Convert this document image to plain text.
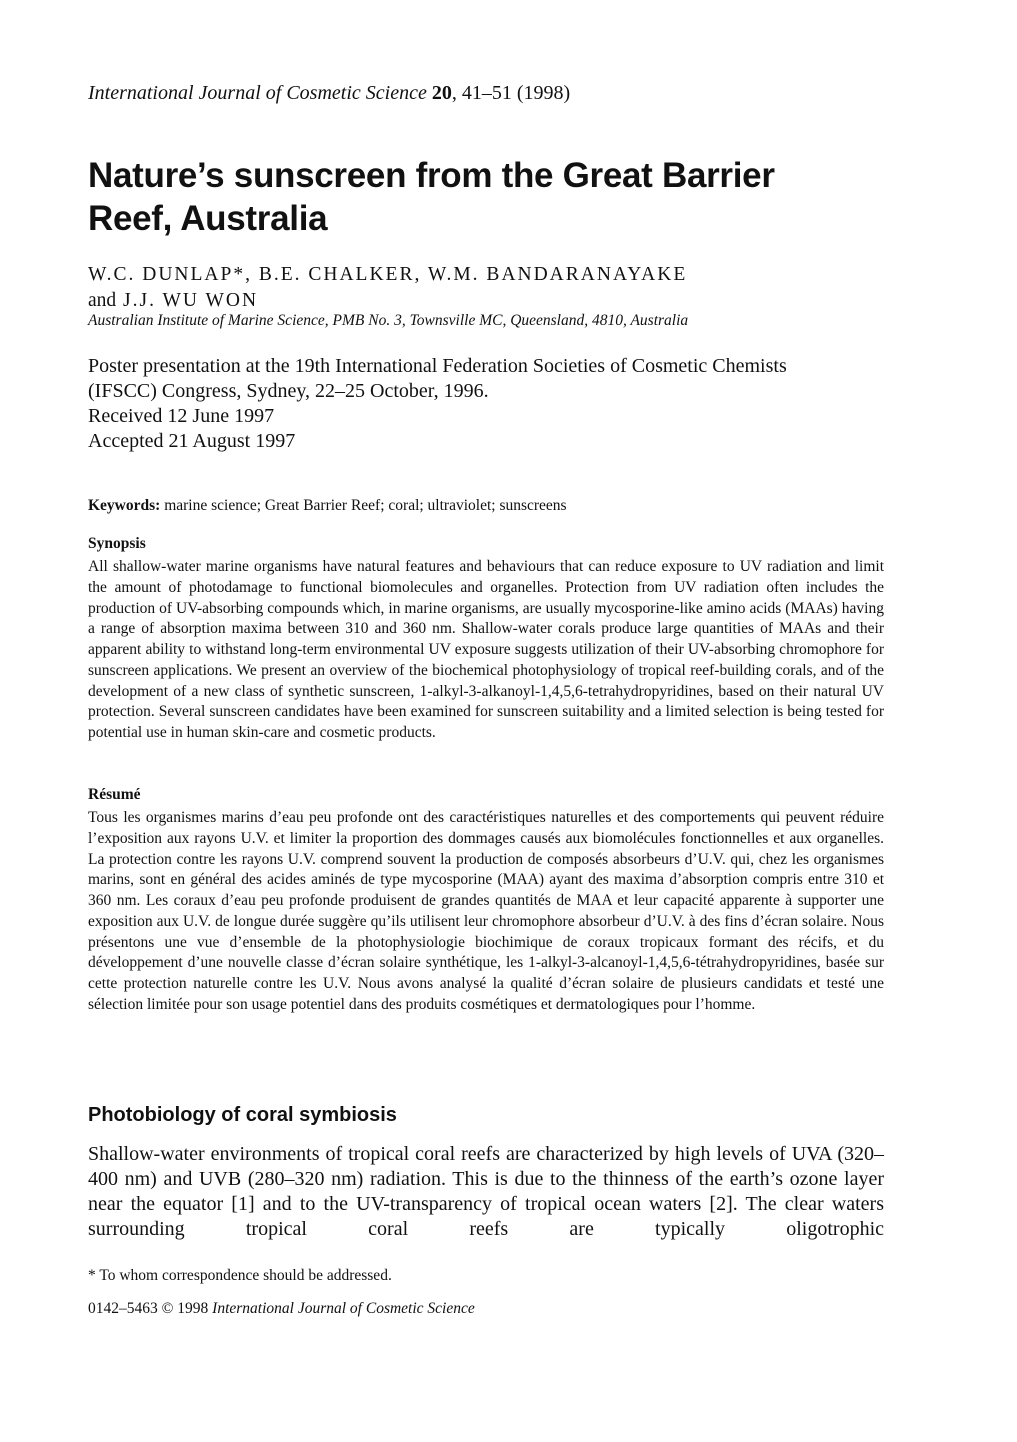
International Journal of Cosmetic Science 20, 41–51 (1998)
Nature’s sunscreen from the Great Barrier Reef, Australia
W.C. DUNLAP*, B.E. CHALKER, W.M. BANDARANAYAKE
and J.J. WU WON
Australian Institute of Marine Science, PMB No. 3, Townsville MC, Queensland, 4810, Australia
Poster presentation at the 19th International Federation Societies of Cosmetic Chemists
(IFSCC) Congress, Sydney, 22–25 October, 1996.
Received 12 June 1997
Accepted 21 August 1997
Keywords: marine science; Great Barrier Reef; coral; ultraviolet; sunscreens
Synopsis

All shallow-water marine organisms have natural features and behaviours that can reduce exposure to UV radiation and limit the amount of photodamage to functional biomolecules and organelles. Protection from UV radiation often includes the production of UV-absorbing compounds which, in marine organisms, are usually mycosporine-like amino acids (MAAs) having a range of absorption maxima between 310 and 360 nm. Shallow-water corals produce large quantities of MAAs and their apparent ability to withstand long-term environmental UV exposure suggests utilization of their UV-absorbing chromophore for sunscreen applications. We present an overview of the biochemical photophysiology of tropical reef-building corals, and of the development of a new class of synthetic sunscreen, 1-alkyl-3-alkanoyl-1,4,5,6-tetrahydropyridines, based on their natural UV protection. Several sunscreen candidates have been examined for sunscreen suitability and a limited selection is being tested for potential use in human skin-care and cosmetic products.

Résumé

Tous les organismes marins d’eau peu profonde ont des caractéristiques naturelles et des comportements qui peuvent réduire l’exposition aux rayons U.V. et limiter la proportion des dommages causés aux biomolécules fonctionnelles et aux organelles. La protection contre les rayons U.V. comprend souvent la production de composés absorbeurs d’U.V. qui, chez les organismes marins, sont en général des acides aminés de type mycosporine (MAA) ayant des maxima d’absorption compris entre 310 et 360 nm. Les coraux d’eau peu profonde produisent de grandes quantités de MAA et leur capacité apparente à supporter une exposition aux U.V. de longue durée suggère qu’ils utilisent leur chromophore absorbeur d’U.V. à des fins d’écran solaire. Nous présentons une vue d’ensemble de la photophysiologie biochimique de coraux tropicaux formant des récifs, et du développement d’une nouvelle classe d’écran solaire synthétique, les 1-alkyl-3-alcanoyl-1,4,5,6-tétrahydropyridines, basée sur cette protection naturelle contre les U.V. Nous avons analysé la qualité d’écran solaire de plusieurs candidats et testé une sélection limitée pour son usage potentiel dans des produits cosmétiques et dermatologiques pour l’homme.

Photobiology of coral symbiosis

Shallow-water environments of tropical coral reefs are characterized by high levels of UVA (320–400 nm) and UVB (280–320 nm) radiation. This is due to the thinness of the earth’s ozone layer near the equator [1] and to the UV-transparency of tropical ocean waters [2]. The clear waters surrounding tropical coral reefs are typically oligotrophic

* To whom correspondence should be addressed.
0142–5463 © 1998 International Journal of Cosmetic Science
